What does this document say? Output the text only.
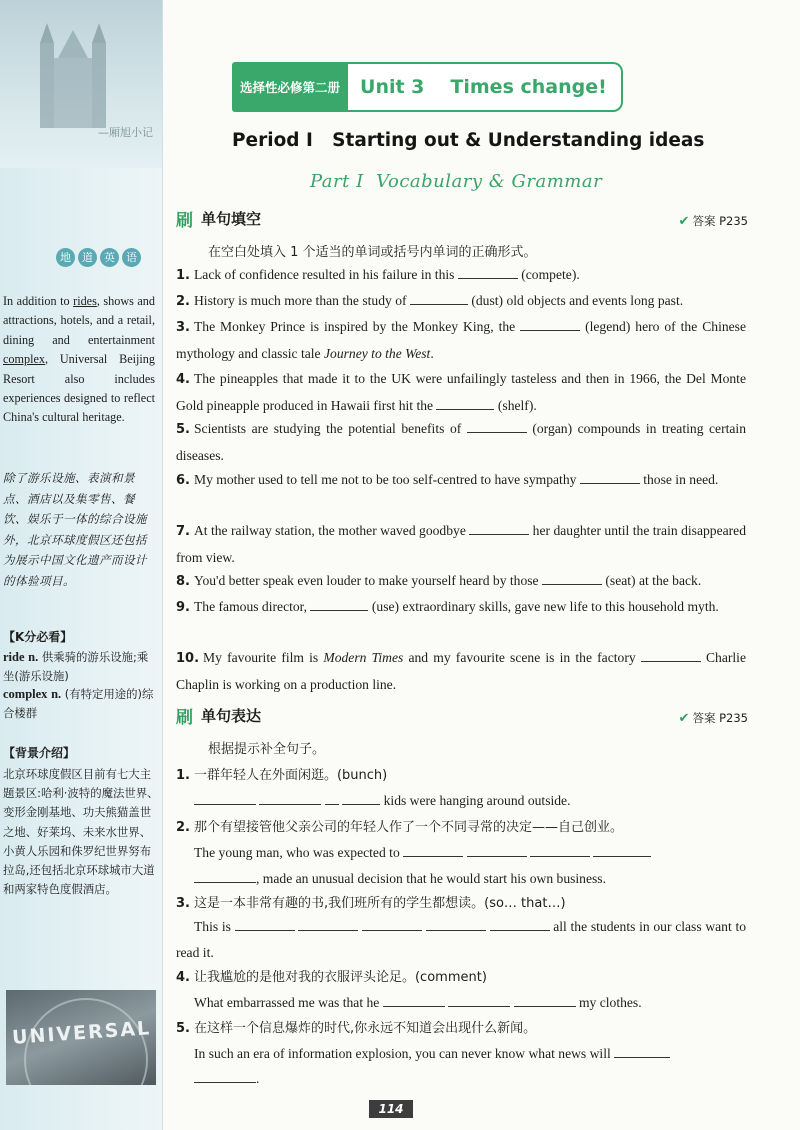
—厢旭小记
地	道	英	语
In addition to rides, shows and attractions, hotels, and a retail, dining and entertainment complex, Universal Beijing Resort also includes experiences designed to reflect China's cultural heritage.
除了游乐设施、表演和景点、酒店以及集零售、餐饮、娱乐于一体的综合设施外，北京环球度假区还包括为展示中国文化遗产而设计的体验项目。
【K分必看】
ride n. 供乘骑的游乐设施;乘坐(游乐设施)
complex n. (有特定用途的)综合楼群
【背景介绍】
北京环球度假区目前有七大主题景区:哈利·波特的魔法世界、变形金刚基地、功夫熊猫盖世之地、好莱坞、未来水世界、小黄人乐园和侏罗纪世界努布拉岛,还包括北京环球城市大道和两家特色度假酒店。
UNIVERSAL
选择性必修第二册	Unit 3 Times change!
Period I   Starting out & Understanding ideas
Part I  Vocabulary & Grammar
刷 单句填空	✔ 答案 P235
在空白处填入 1 个适当的单词或括号内单词的正确形式。
1. Lack of confidence resulted in his failure in this	(compete).
2. History is much more than the study of	(dust) old objects and events long past.
3. The Monkey Prince is inspired by the Monkey King, the	(legend) hero of the Chinese mythology and classic tale Journey to the West.
4. The pineapples that made it to the UK were unfailingly tasteless and then in 1966, the Del Monte Gold pineapple produced in Hawaii first hit the	(shelf).
5. Scientists are studying the potential benefits of	(organ) compounds in treating certain diseases.
6. My mother used to tell me not to be too self-centred to have sympathy	those in need.
7. At the railway station, the mother waved goodbye	her daughter until the train disappeared from view.
8. You'd better speak even louder to make yourself heard by those	(seat) at the back.
9. The famous director,	(use) extraordinary skills, gave new life to this household myth.
10. My favourite film is Modern Times and my favourite scene is in the factory	Charlie Chaplin is working on a production line.
刷 单句表达	✔ 答案 P235
根据提示补全句子。
1. 一群年轻人在外面闲逛。(bunch)
kids were hanging around outside.
2. 那个有望接管他父亲公司的年轻人作了一个不同寻常的决定——自己创业。
The young man, who was expected to
, made an unusual decision that he would start his own business.
3. 这是一本非常有趣的书,我们班所有的学生都想读。(so… that…)
This is	all the students in our class want to read it.
4. 让我尴尬的是他对我的衣服评头论足。(comment)
What embarrassed me was that he	my clothes.
5. 在这样一个信息爆炸的时代,你永远不知道会出现什么新闻。
In such an era of information explosion, you can never know what news will
.
114
